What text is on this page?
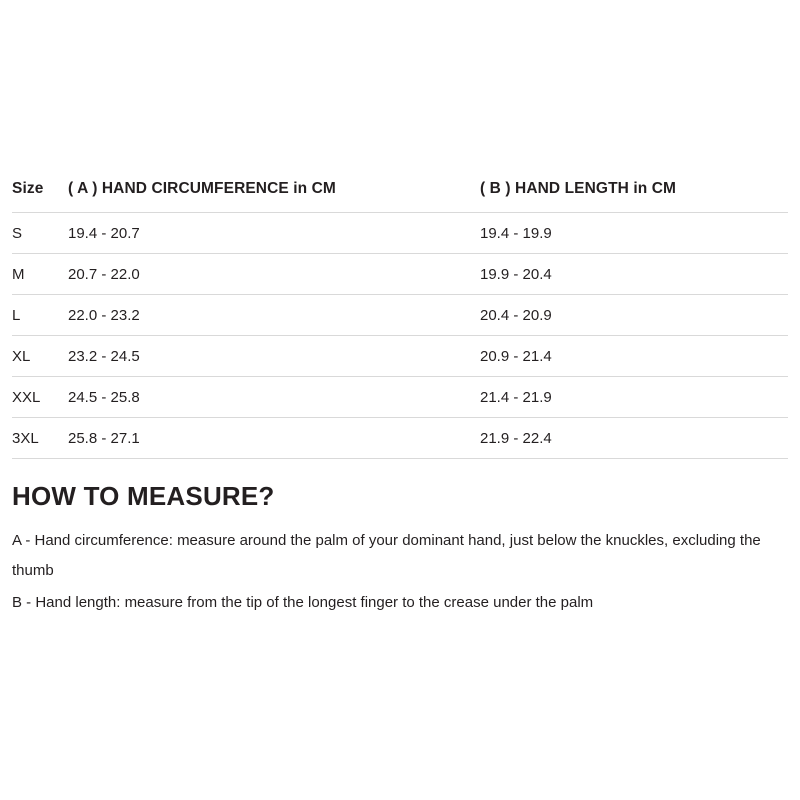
Size	( A ) HAND CIRCUMFERENCE in CM	( B ) HAND LENGTH in CM
S	19.4 - 20.7	19.4 - 19.9
M	20.7 - 22.0	19.9 - 20.4
L	22.0 - 23.2	20.4 - 20.9
XL	23.2 - 24.5	20.9 - 21.4
XXL	24.5 - 25.8	21.4 - 21.9
3XL	25.8 - 27.1	21.9 - 22.4
HOW TO MEASURE?
A - Hand circumference: measure around the palm of your dominant hand, just below the knuckles, excluding the thumb
B - Hand length: measure from the tip of the longest finger to the crease under the palm
